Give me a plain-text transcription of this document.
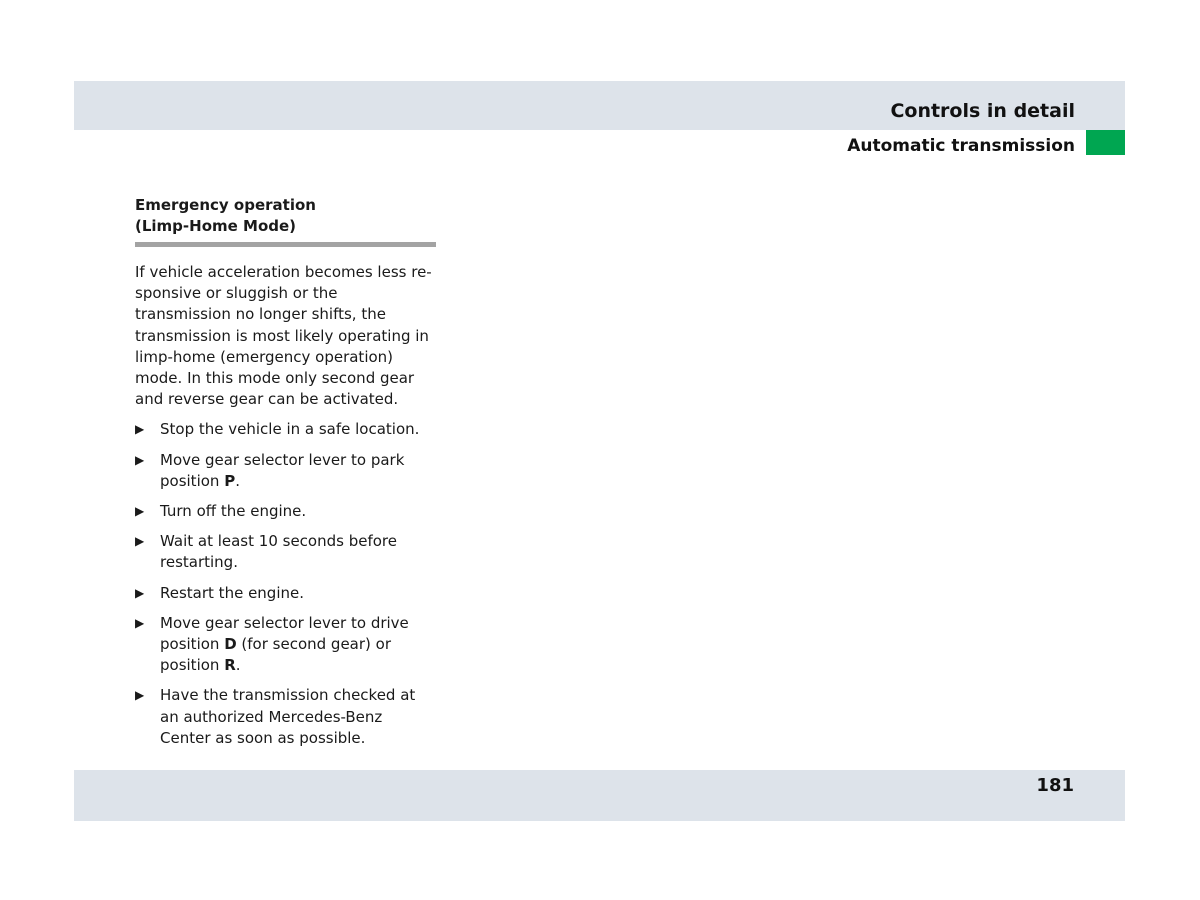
Controls in detail
Automatic transmission
Emergency operation
(Limp-Home Mode)

If vehicle acceleration becomes less re-sponsive or sluggish or the transmission no longer shifts, the transmission is most likely operating in limp-home (emergency operation) mode. In this mode only second gear and reverse gear can be activated.

▶ Stop the vehicle in a safe location.
▶ Move gear selector lever to park position P.
▶ Turn off the engine.
▶ Wait at least 10 seconds before restarting.
▶ Restart the engine.
▶ Move gear selector lever to drive position D (for second gear) or position R.
▶ Have the transmission checked at an authorized Mercedes-Benz Center as soon as possible.
181
